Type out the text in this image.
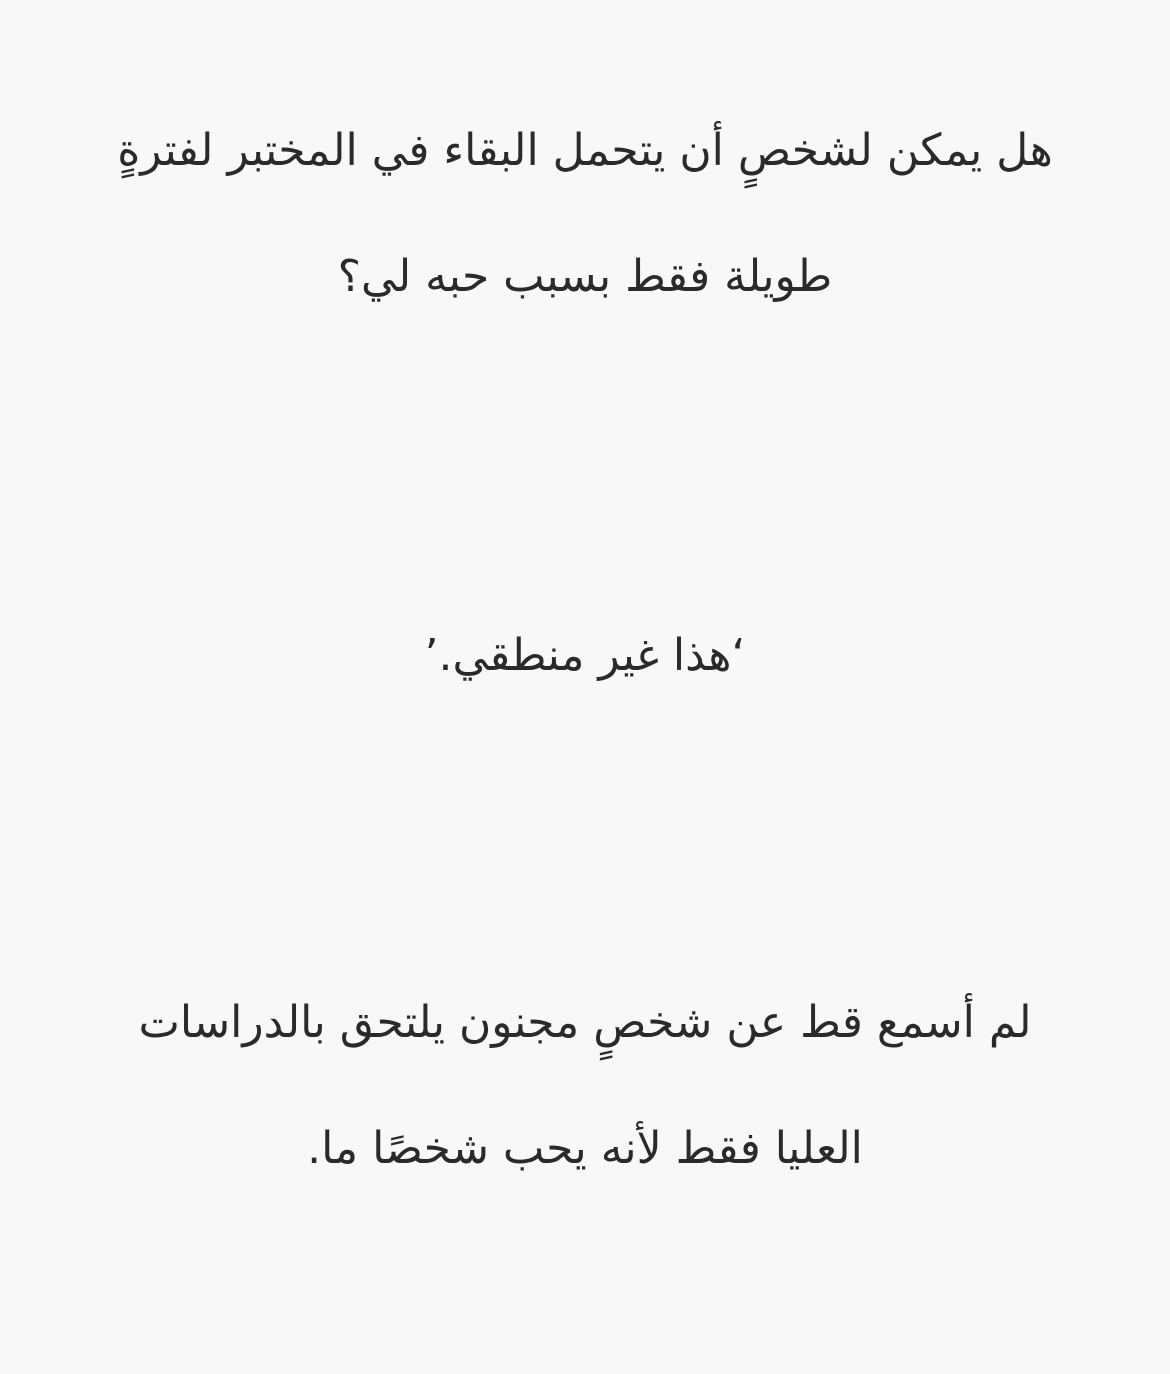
هل يمكن لشخصٍ أن يتحمل البقاء في المختبر لفترةٍ
طويلة فقط بسبب حبه لي؟

‘هذا غير منطقي.’

لم أسمع قط عن شخصٍ مجنون يلتحق بالدراسات
العليا فقط لأنه يحب شخصًا ما.
